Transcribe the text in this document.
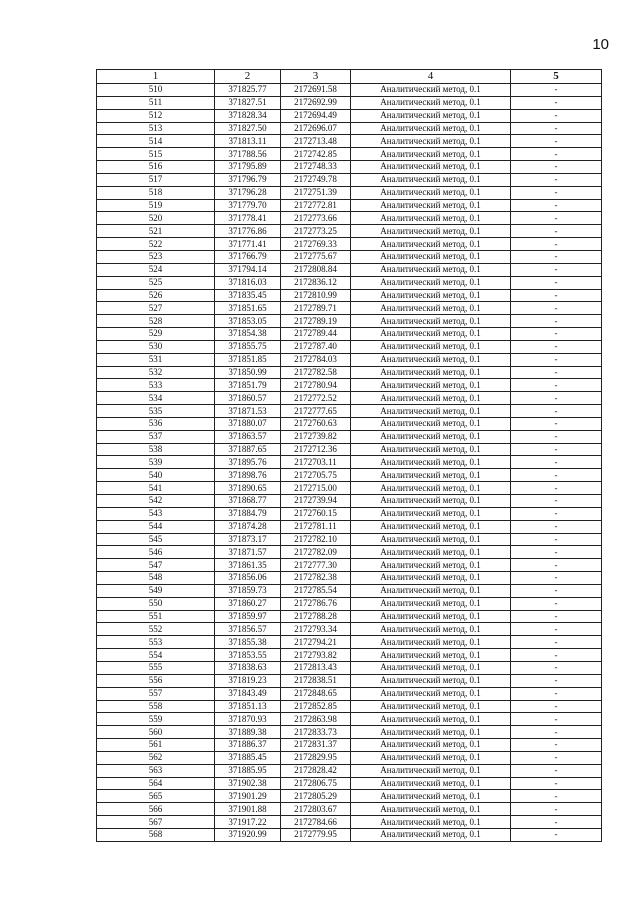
10
1	2	3	4	5
510	371825.77	2172691.58	Аналитический метод, 0.1	-
511	371827.51	2172692.99	Аналитический метод, 0.1	-
512	371828.34	2172694.49	Аналитический метод, 0.1	-
513	371827.50	2172696.07	Аналитический метод, 0.1	-
514	371813.11	2172713.48	Аналитический метод, 0.1	-
515	371788.56	2172742.85	Аналитический метод, 0.1	-
516	371795.89	2172748.33	Аналитический метод, 0.1	-
517	371796.79	2172749.78	Аналитический метод, 0.1	-
518	371796.28	2172751.39	Аналитический метод, 0.1	-
519	371779.70	2172772.81	Аналитический метод, 0.1	-
520	371778.41	2172773.66	Аналитический метод, 0.1	-
521	371776.86	2172773.25	Аналитический метод, 0.1	-
522	371771.41	2172769.33	Аналитический метод, 0.1	-
523	371766.79	2172775.67	Аналитический метод, 0.1	-
524	371794.14	2172808.84	Аналитический метод, 0.1	-
525	371816.03	2172836.12	Аналитический метод, 0.1	-
526	371835.45	2172810.99	Аналитический метод, 0.1	-
527	371851.65	2172789.71	Аналитический метод, 0.1	-
528	371853.05	2172789.19	Аналитический метод, 0.1	-
529	371854.38	2172789.44	Аналитический метод, 0.1	-
530	371855.75	2172787.40	Аналитический метод, 0.1	-
531	371851.85	2172784.03	Аналитический метод, 0.1	-
532	371850.99	2172782.58	Аналитический метод, 0.1	-
533	371851.79	2172780.94	Аналитический метод, 0.1	-
534	371860.57	2172772.52	Аналитический метод, 0.1	-
535	371871.53	2172777.65	Аналитический метод, 0.1	-
536	371880.07	2172760.63	Аналитический метод, 0.1	-
537	371863.57	2172739.82	Аналитический метод, 0.1	-
538	371887.65	2172712.36	Аналитический метод, 0.1	-
539	371895.76	2172703.11	Аналитический метод, 0.1	-
540	371898.76	2172705.75	Аналитический метод, 0.1	-
541	371890.65	2172715.00	Аналитический метод, 0.1	-
542	371868.77	2172739.94	Аналитический метод, 0.1	-
543	371884.79	2172760.15	Аналитический метод, 0.1	-
544	371874.28	2172781.11	Аналитический метод, 0.1	-
545	371873.17	2172782.10	Аналитический метод, 0.1	-
546	371871.57	2172782.09	Аналитический метод, 0.1	-
547	371861.35	2172777.30	Аналитический метод, 0.1	-
548	371856.06	2172782.38	Аналитический метод, 0.1	-
549	371859.73	2172785.54	Аналитический метод, 0.1	-
550	371860.27	2172786.76	Аналитический метод, 0.1	-
551	371859.97	2172788.28	Аналитический метод, 0.1	-
552	371856.57	2172793.34	Аналитический метод, 0.1	-
553	371855.38	2172794.21	Аналитический метод, 0.1	-
554	371853.55	2172793.82	Аналитический метод, 0.1	-
555	371838.63	2172813.43	Аналитический метод, 0.1	-
556	371819.23	2172838.51	Аналитический метод, 0.1	-
557	371843.49	2172848.65	Аналитический метод, 0.1	-
558	371851.13	2172852.85	Аналитический метод, 0.1	-
559	371870.93	2172863.98	Аналитический метод, 0.1	-
560	371889.38	2172833.73	Аналитический метод, 0.1	-
561	371886.37	2172831.37	Аналитический метод, 0.1	-
562	371885.45	2172829.95	Аналитический метод, 0.1	-
563	371885.95	2172828.42	Аналитический метод, 0.1	-
564	371902.38	2172806.75	Аналитический метод, 0.1	-
565	371901.29	2172805.29	Аналитический метод, 0.1	-
566	371901.88	2172803.67	Аналитический метод, 0.1	-
567	371917.22	2172784.66	Аналитический метод, 0.1	-
568	371920.99	2172779.95	Аналитический метод, 0.1	-
